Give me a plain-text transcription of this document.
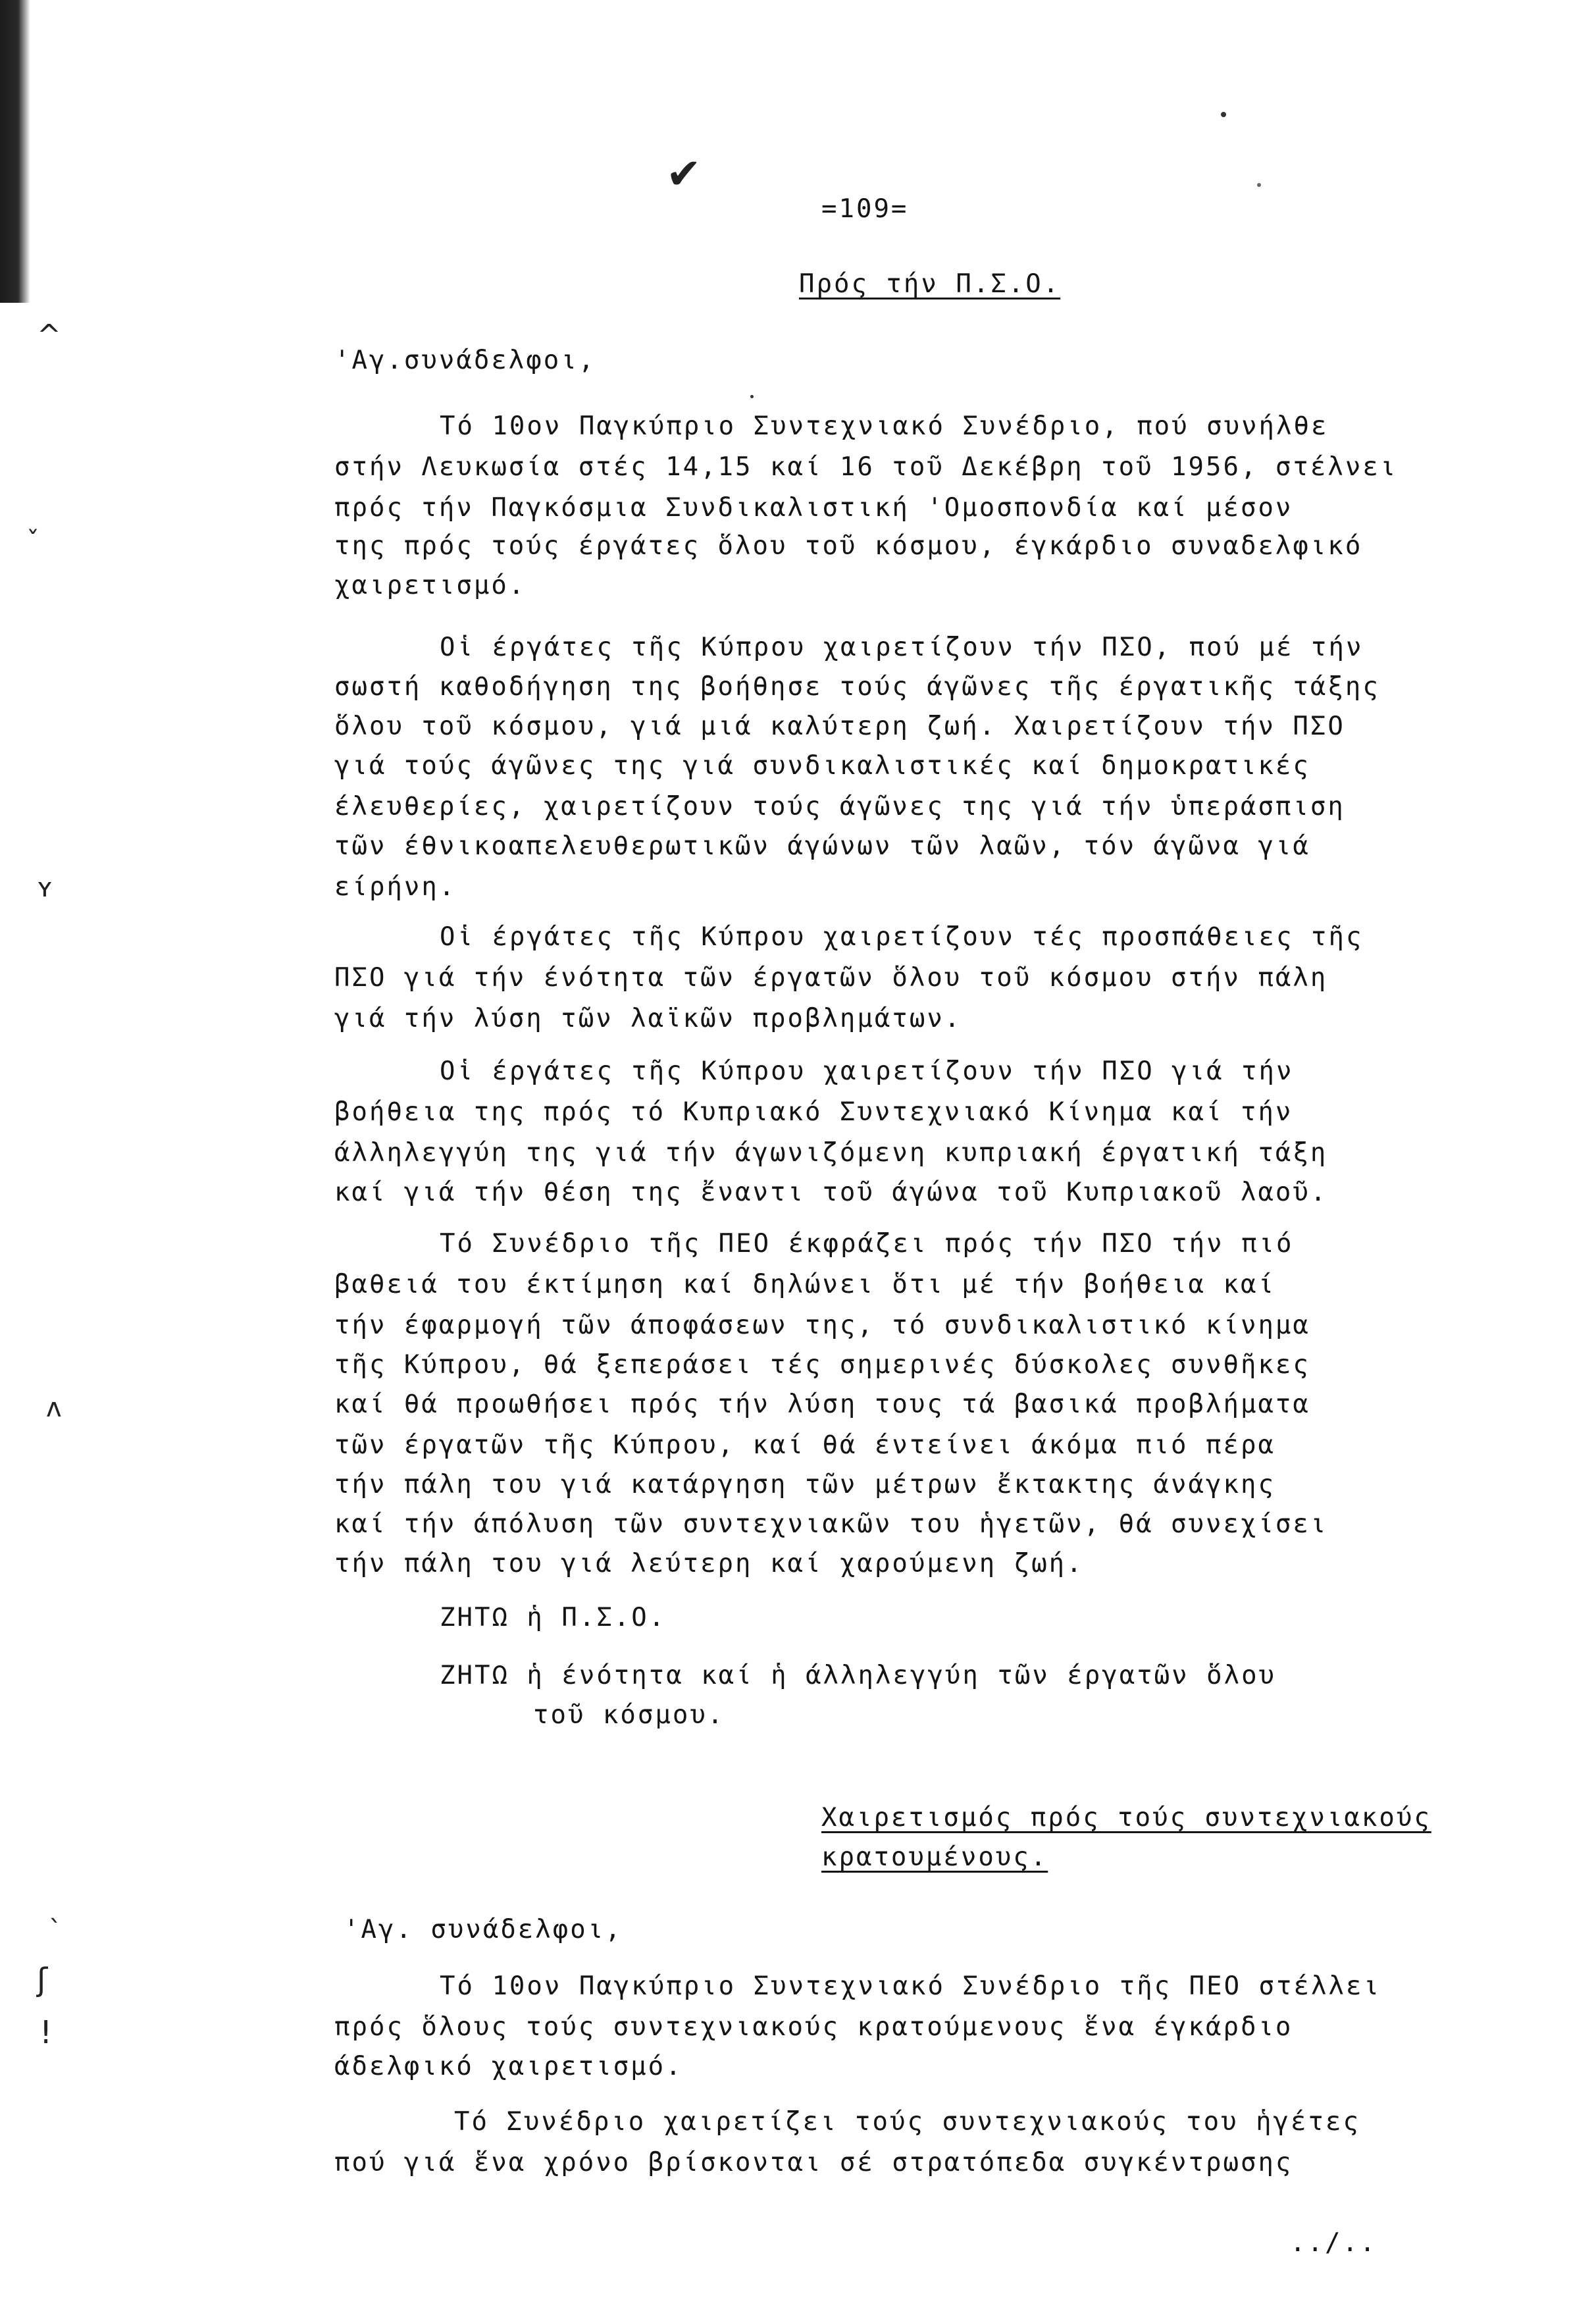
✔
^
ˇ
ʏ
ʌ
ˋ
ʃ
!

=109=

Πρός τήν Π.Σ.Ο.

'Αγ.συνάδελφοι,

Τό 10ον Παγκύπριο Συντεχνιακό Συνέδριο, πού συνήλθε

στήν Λευκωσία στές 14,15 καί 16 τοῦ Δεκέβρη τοῦ 1956, στέλνει

πρός τήν Παγκόσμια Συνδικαλιστική 'Ομοσπονδία καί μέσον

της πρός τούς έργάτες ὅλου τοῦ κόσμου, έγκάρδιο συναδελφικό

χαιρετισμό.

Οἱ έργάτες τῆς Κύπρου χαιρετίζουν τήν ΠΣΟ, πού μέ τήν

σωστή καθοδήγηση της βοήθησε τούς άγῶνες τῆς έργατικῆς τάξης

ὅλου τοῦ κόσμου, γιά μιά καλύτερη ζωή. Χαιρετίζουν τήν ΠΣΟ

γιά τούς άγῶνες της γιά συνδικαλιστικές καί δημοκρατικές

έλευθερίες, χαιρετίζουν τούς άγῶνες της γιά τήν ὑπεράσπιση

τῶν έθνικοαπελευθερωτικῶν άγώνων τῶν λαῶν, τόν άγῶνα γιά

είρήνη.

Οἱ έργάτες τῆς Κύπρου χαιρετίζουν τές προσπάθειες τῆς

ΠΣΟ γιά τήν ένότητα τῶν έργατῶν ὅλου τοῦ κόσμου στήν πάλη

γιά τήν λύση τῶν λαϊκῶν προβλημάτων.

Οἱ έργάτες τῆς Κύπρου χαιρετίζουν τήν ΠΣΟ γιά τήν

βοήθεια της πρός τό Κυπριακό Συντεχνιακό Κίνημα καί τήν

άλληλεγγύη της γιά τήν άγωνιζόμενη κυπριακή έργατική τάξη

καί γιά τήν θέση της ἔναντι τοῦ άγώνα τοῦ Κυπριακοῦ λαοῦ.

Τό Συνέδριο τῆς ΠΕΟ έκφράζει πρός τήν ΠΣΟ τήν πιό

βαθειά του έκτίμηση καί δηλώνει ὅτι μέ τήν βοήθεια καί

τήν έφαρμογή τῶν άποφάσεων της, τό συνδικαλιστικό κίνημα

τῆς Κύπρου, θά ξεπεράσει τές σημερινές δύσκολες συνθῆκες

καί θά προωθήσει πρός τήν λύση τους τά βασικά προβλήματα

τῶν έργατῶν τῆς Κύπρου, καί θά έντείνει άκόμα πιό πέρα

τήν πάλη του γιά κατάργηση τῶν μέτρων ἔκτακτης άνάγκης

καί τήν άπόλυση τῶν συντεχνιακῶν του ἡγετῶν, θά συνεχίσει

τήν πάλη του γιά λεύτερη καί χαρούμενη ζωή.

ΖΗΤΩ ἡ Π.Σ.Ο.

ΖΗΤΩ ἡ ένότητα καί ἡ άλληλεγγύη τῶν έργατῶν ὅλου

τοῦ κόσμου.

Χαιρετισμός πρός τούς συντεχνιακούς

κρατουμένους.

'Αγ. συνάδελφοι,

Τό 10ον Παγκύπριο Συντεχνιακό Συνέδριο τῆς ΠΕΟ στέλλει

πρός ὅλους τούς συντεχνιακούς κρατούμενους ἕνα έγκάρδιο

άδελφικό χαιρετισμό.

Τό Συνέδριο χαιρετίζει τούς συντεχνιακούς του ἡγέτες

πού γιά ἕνα χρόνο βρίσκονται σέ στρατόπεδα συγκέντρωσης

../..
